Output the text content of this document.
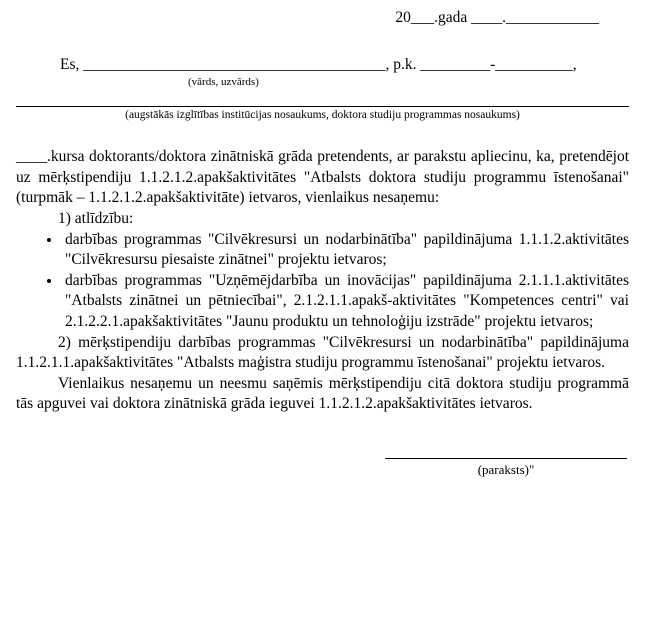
20___.gada ____.____________
Es, _______________________________________, p.k. _________-__________,
(vārds, uzvārds)
(augstākās izglītības institūcijas nosaukums, doktora studiju programmas nosaukums)

____.kursa doktorants/doktora zinātniskā grāda pretendents, ar parakstu apliecinu, ka, pretendējot uz mērķstipendiju 1.1.2.1.2.apakšaktivitātes "Atbalsts doktora studiju programmu īstenošanai" (turpmāk – 1.1.2.1.2.apakšaktivitāte) ietvaros, vienlaikus nesaņemu:

1) atlīdzību:

• darbības programmas "Cilvēkresursi un nodarbinātība" papildinājuma 1.1.1.2.aktivitātes "Cilvēkresursu piesaiste zinātnei" projektu ietvaros;
• darbības programmas "Uzņēmējdarbība un inovācijas" papildinājuma 2.1.1.1.aktivitātes "Atbalsts zinātnei un pētniecībai", 2.1.2.1.1.apakš-aktivitātes "Kompetences centri" vai 2.1.2.2.1.apakšaktivitātes "Jaunu produktu un tehnoloģiju izstrāde" projektu ietvaros;

2) mērķstipendiju darbības programmas "Cilvēkresursi un nodarbinātība" papildinājuma 1.1.2.1.1.apakšaktivitātes "Atbalsts maģistra studiju programmu īstenošanai" projektu ietvaros.

Vienlaikus nesaņemu un neesmu saņēmis mērķstipendiju citā doktora studiju programmā tās apguvei vai doktora zinātniskā grāda ieguvei 1.1.2.1.2.apakšaktivitātes ietvaros.

(paraksts)"
